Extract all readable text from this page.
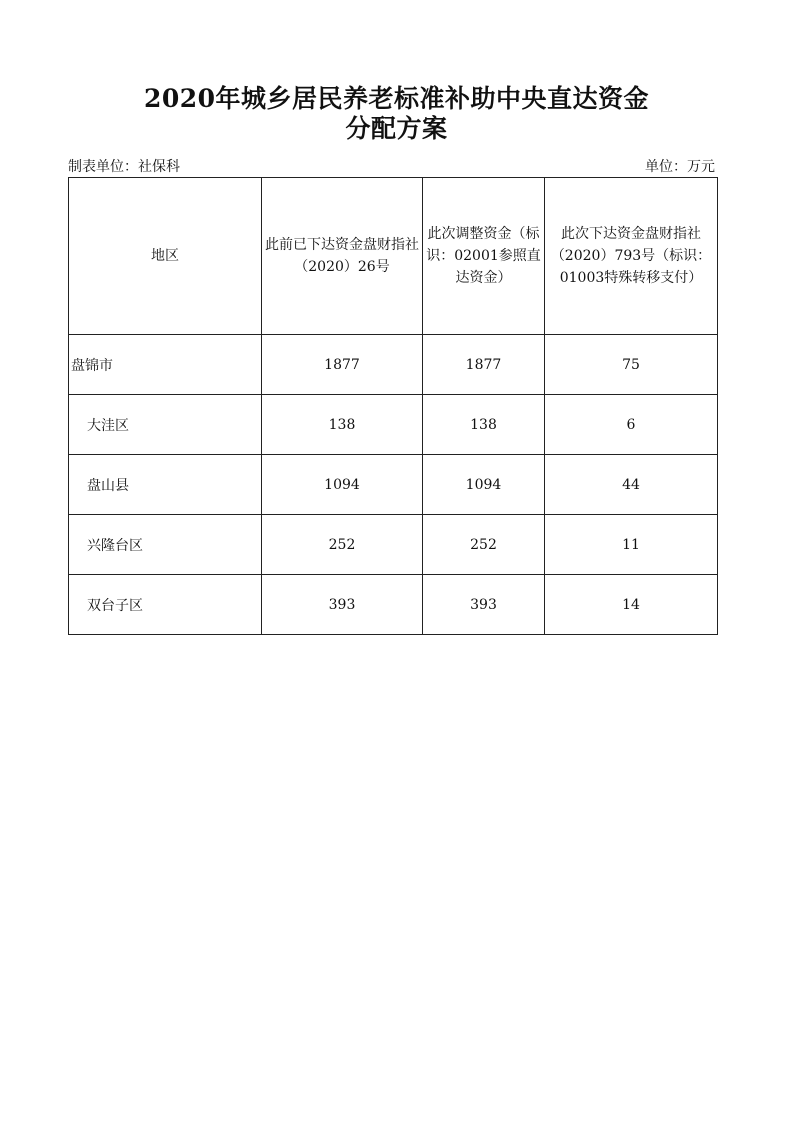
2020年城乡居民养老标准补助中央直达资金
分配方案
制表单位：社保科	单位：万元
地区	此前已下达资金盘财指社（2020）26号	此次调整资金（标识：02001参照直达资金）	此次下达资金盘财指社（2020）793号（标识：01003特殊转移支付）
盘锦市	1877	1877	75
大洼区	138	138	6
盘山县	1094	1094	44
兴隆台区	252	252	11
双台子区	393	393	14
